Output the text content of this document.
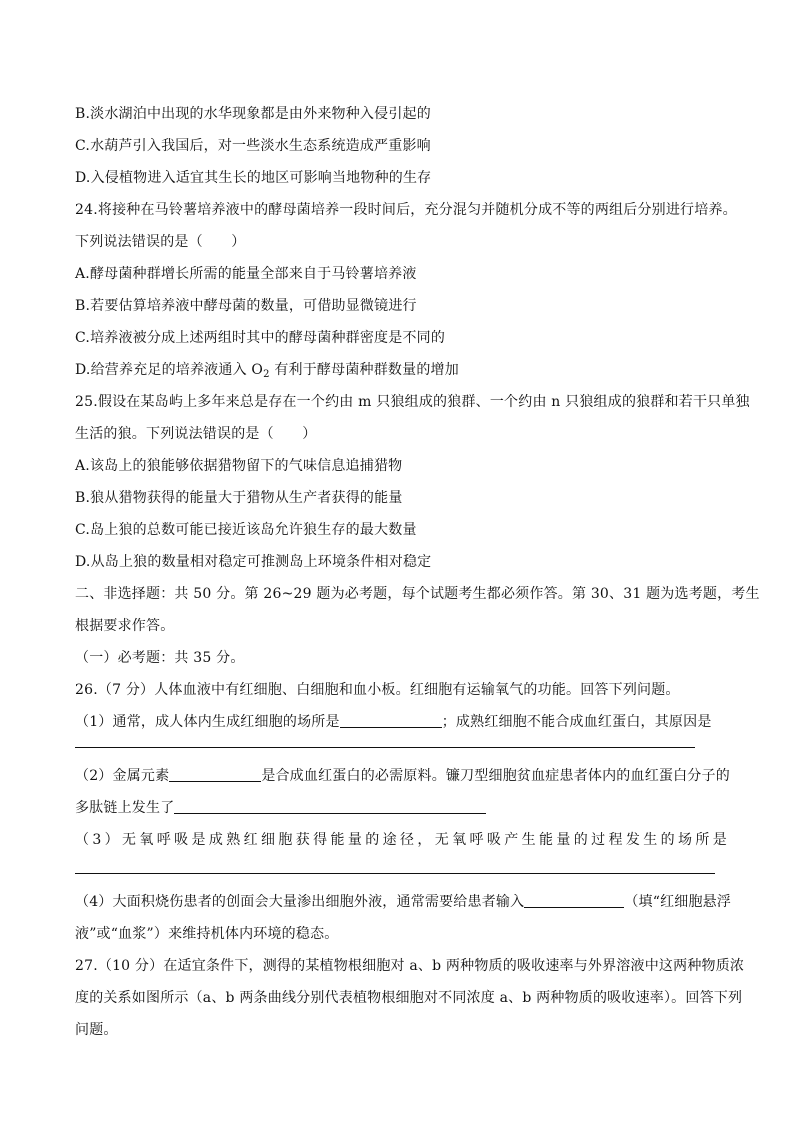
B.淡水湖泊中出现的水华现象都是由外来物种入侵引起的
C.水葫芦引入我国后，对一些淡水生态系统造成严重影响
D.入侵植物进入适宜其生长的地区可影响当地物种的生存
24.将接种在马铃薯培养液中的酵母菌培养一段时间后，充分混匀并随机分成不等的两组后分别进行培养。
下列说法错误的是（　　）
A.酵母菌种群增长所需的能量全部来自于马铃薯培养液
B.若要估算培养液中酵母菌的数量，可借助显微镜进行
C.培养液被分成上述两组时其中的酵母菌种群密度是不同的
D.给营养充足的培养液通入 $O_2$ 有利于酵母菌种群数量的增加
25.假设在某岛屿上多年来总是存在一个约由 m 只狼组成的狼群、一个约由 n 只狼组成的狼群和若干只单独
生活的狼。下列说法错误的是（　　）
A.该岛上的狼能够依据猎物留下的气味信息追捕猎物
B.狼从猎物获得的能量大于猎物从生产者获得的能量
C.岛上狼的总数可能已接近该岛允许狼生存的最大数量
D.从岛上狼的数量相对稳定可推测岛上环境条件相对稳定
二、非选择题：共 50 分。第 26~29 题为必考题，每个试题考生都必须作答。第 30、31 题为选考题，考生
根据要求作答。
（一）必考题：共 35 分。
26.（7 分）人体血液中有红细胞、白细胞和血小板。红细胞有运输氧气的功能。回答下列问题。
（1）通常，成人体内生成红细胞的场所是	；成熟红细胞不能合成血红蛋白，其原因是
（2）金属元素	是合成血红蛋白的必需原料。镰刀型细胞贫血症患者体内的血红蛋白分子的
多肽链上发生了
（3）无氧呼吸是成熟红细胞获得能量的途径，无氧呼吸产生能量的过程发生的场所是
（4）大面积烧伤患者的创面会大量渗出细胞外液，通常需要给患者输入	（填“红细胞悬浮
液”或“血浆”）来维持机体内环境的稳态。
27.（10 分）在适宜条件下，测得的某植物根细胞对 a、b 两种物质的吸收速率与外界溶液中这两种物质浓
度的关系如图所示（a、b 两条曲线分别代表植物根细胞对不同浓度 a、b 两种物质的吸收速率）。回答下列
问题。
